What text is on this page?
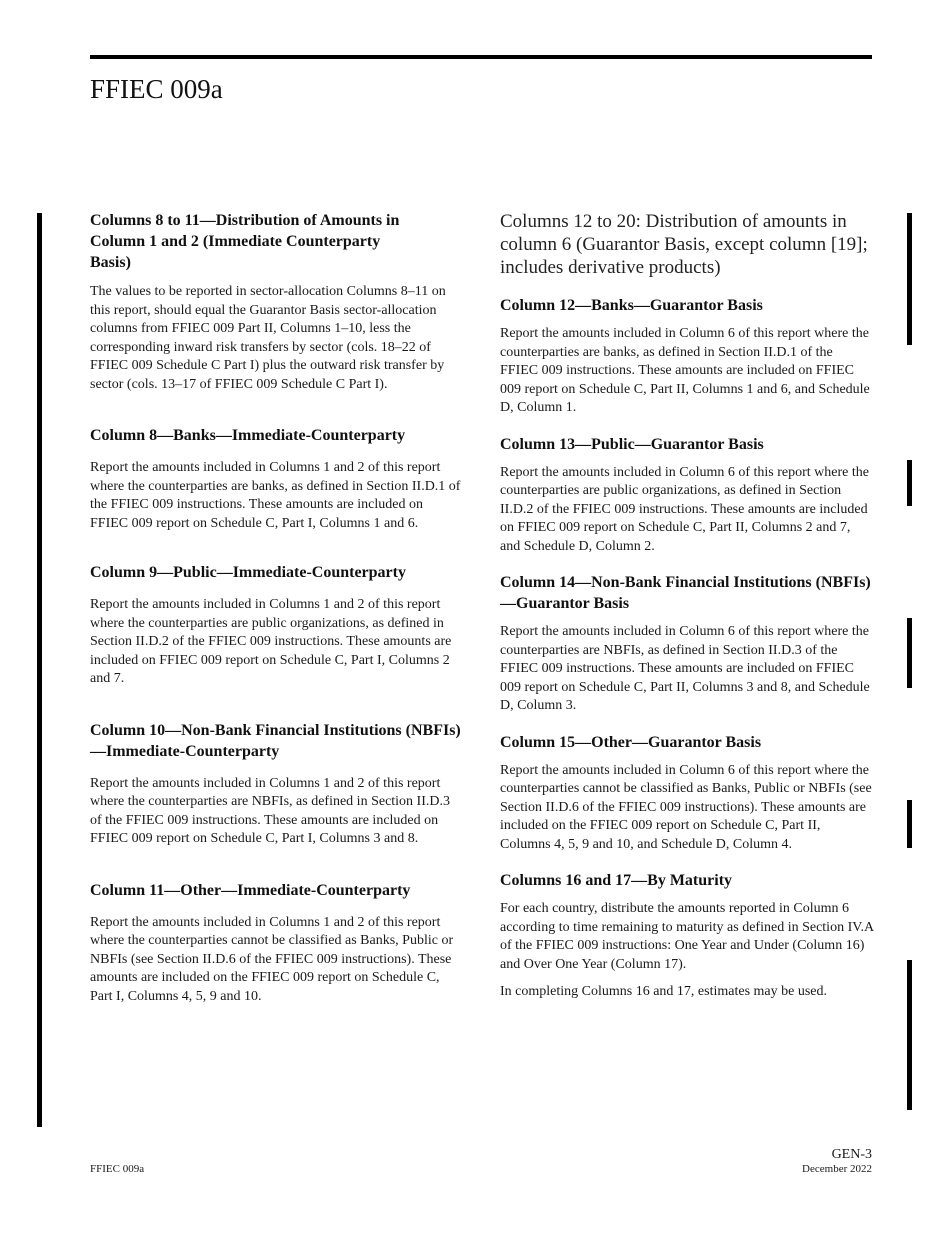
FFIEC 009a
Columns 8 to 11—Distribution of Amounts in Column 1 and 2 (Immediate Counterparty Basis)

The values to be reported in sector-allocation Columns 8–11 on this report, should equal the Guarantor Basis sector-allocation columns from FFIEC 009 Part II, Columns 1–10, less the corresponding inward risk transfers by sector (cols. 18–22 of FFIEC 009 Schedule C Part I) plus the outward risk transfer by sector (cols. 13–17 of FFIEC 009 Schedule C Part I).

Column 8—Banks—Immediate-Counterparty

Report the amounts included in Columns 1 and 2 of this report where the counterparties are banks, as defined in Section II.D.1 of the FFIEC 009 instructions. These amounts are included on FFIEC 009 report on Schedule C, Part I, Columns 1 and 6.

Column 9—Public—Immediate-Counterparty

Report the amounts included in Columns 1 and 2 of this report where the counterparties are public organizations, as defined in Section II.D.2 of the FFIEC 009 instructions. These amounts are included on FFIEC 009 report on Schedule C, Part I, Columns 2 and 7.

Column 10—Non-Bank Financial Institutions (NBFIs)—Immediate-Counterparty

Report the amounts included in Columns 1 and 2 of this report where the counterparties are NBFIs, as defined in Section II.D.3 of the FFIEC 009 instructions. These amounts are included on FFIEC 009 report on Schedule C, Part I, Columns 3 and 8.

Column 11—Other—Immediate-Counterparty

Report the amounts included in Columns 1 and 2 of this report where the counterparties cannot be classified as Banks, Public or NBFIs (see Section II.D.6 of the FFIEC 009 instructions). These amounts are included on the FFIEC 009 report on Schedule C, Part I, Columns 4, 5, 9 and 10.

Columns 12 to 20: Distribution of amounts in column 6 (Guarantor Basis, except column [19]; includes derivative products)
Column 12—Banks—Guarantor Basis

Report the amounts included in Column 6 of this report where the counterparties are banks, as defined in Section II.D.1 of the FFIEC 009 instructions. These amounts are included on FFIEC 009 report on Schedule C, Part II, Columns 1 and 6, and Schedule D, Column 1.

Column 13—Public—Guarantor Basis

Report the amounts included in Column 6 of this report where the counterparties are public organizations, as defined in Section II.D.2 of the FFIEC 009 instructions. These amounts are included on FFIEC 009 report on Schedule C, Part II, Columns 2 and 7, and Schedule D, Column 2.

Column 14—Non-Bank Financial Institutions (NBFIs)—Guarantor Basis

Report the amounts included in Column 6 of this report where the counterparties are NBFIs, as defined in Section II.D.3 of the FFIEC 009 instructions. These amounts are included on FFIEC 009 report on Schedule C, Part II, Columns 3 and 8, and Schedule D, Column 3.

Column 15—Other—Guarantor Basis

Report the amounts included in Column 6 of this report where the counterparties cannot be classified as Banks, Public or NBFIs (see Section II.D.6 of the FFIEC 009 instructions). These amounts are included on the FFIEC 009 report on Schedule C, Part II, Columns 4, 5, 9 and 10, and Schedule D, Column 4.

Columns 16 and 17—By Maturity

For each country, distribute the amounts reported in Column 6 according to time remaining to maturity as defined in Section IV.A of the FFIEC 009 instructions: One Year and Under (Column 16) and Over One Year (Column 17).

In completing Columns 16 and 17, estimates may be used.

FFIEC 009a
GEN-3
December 2022
